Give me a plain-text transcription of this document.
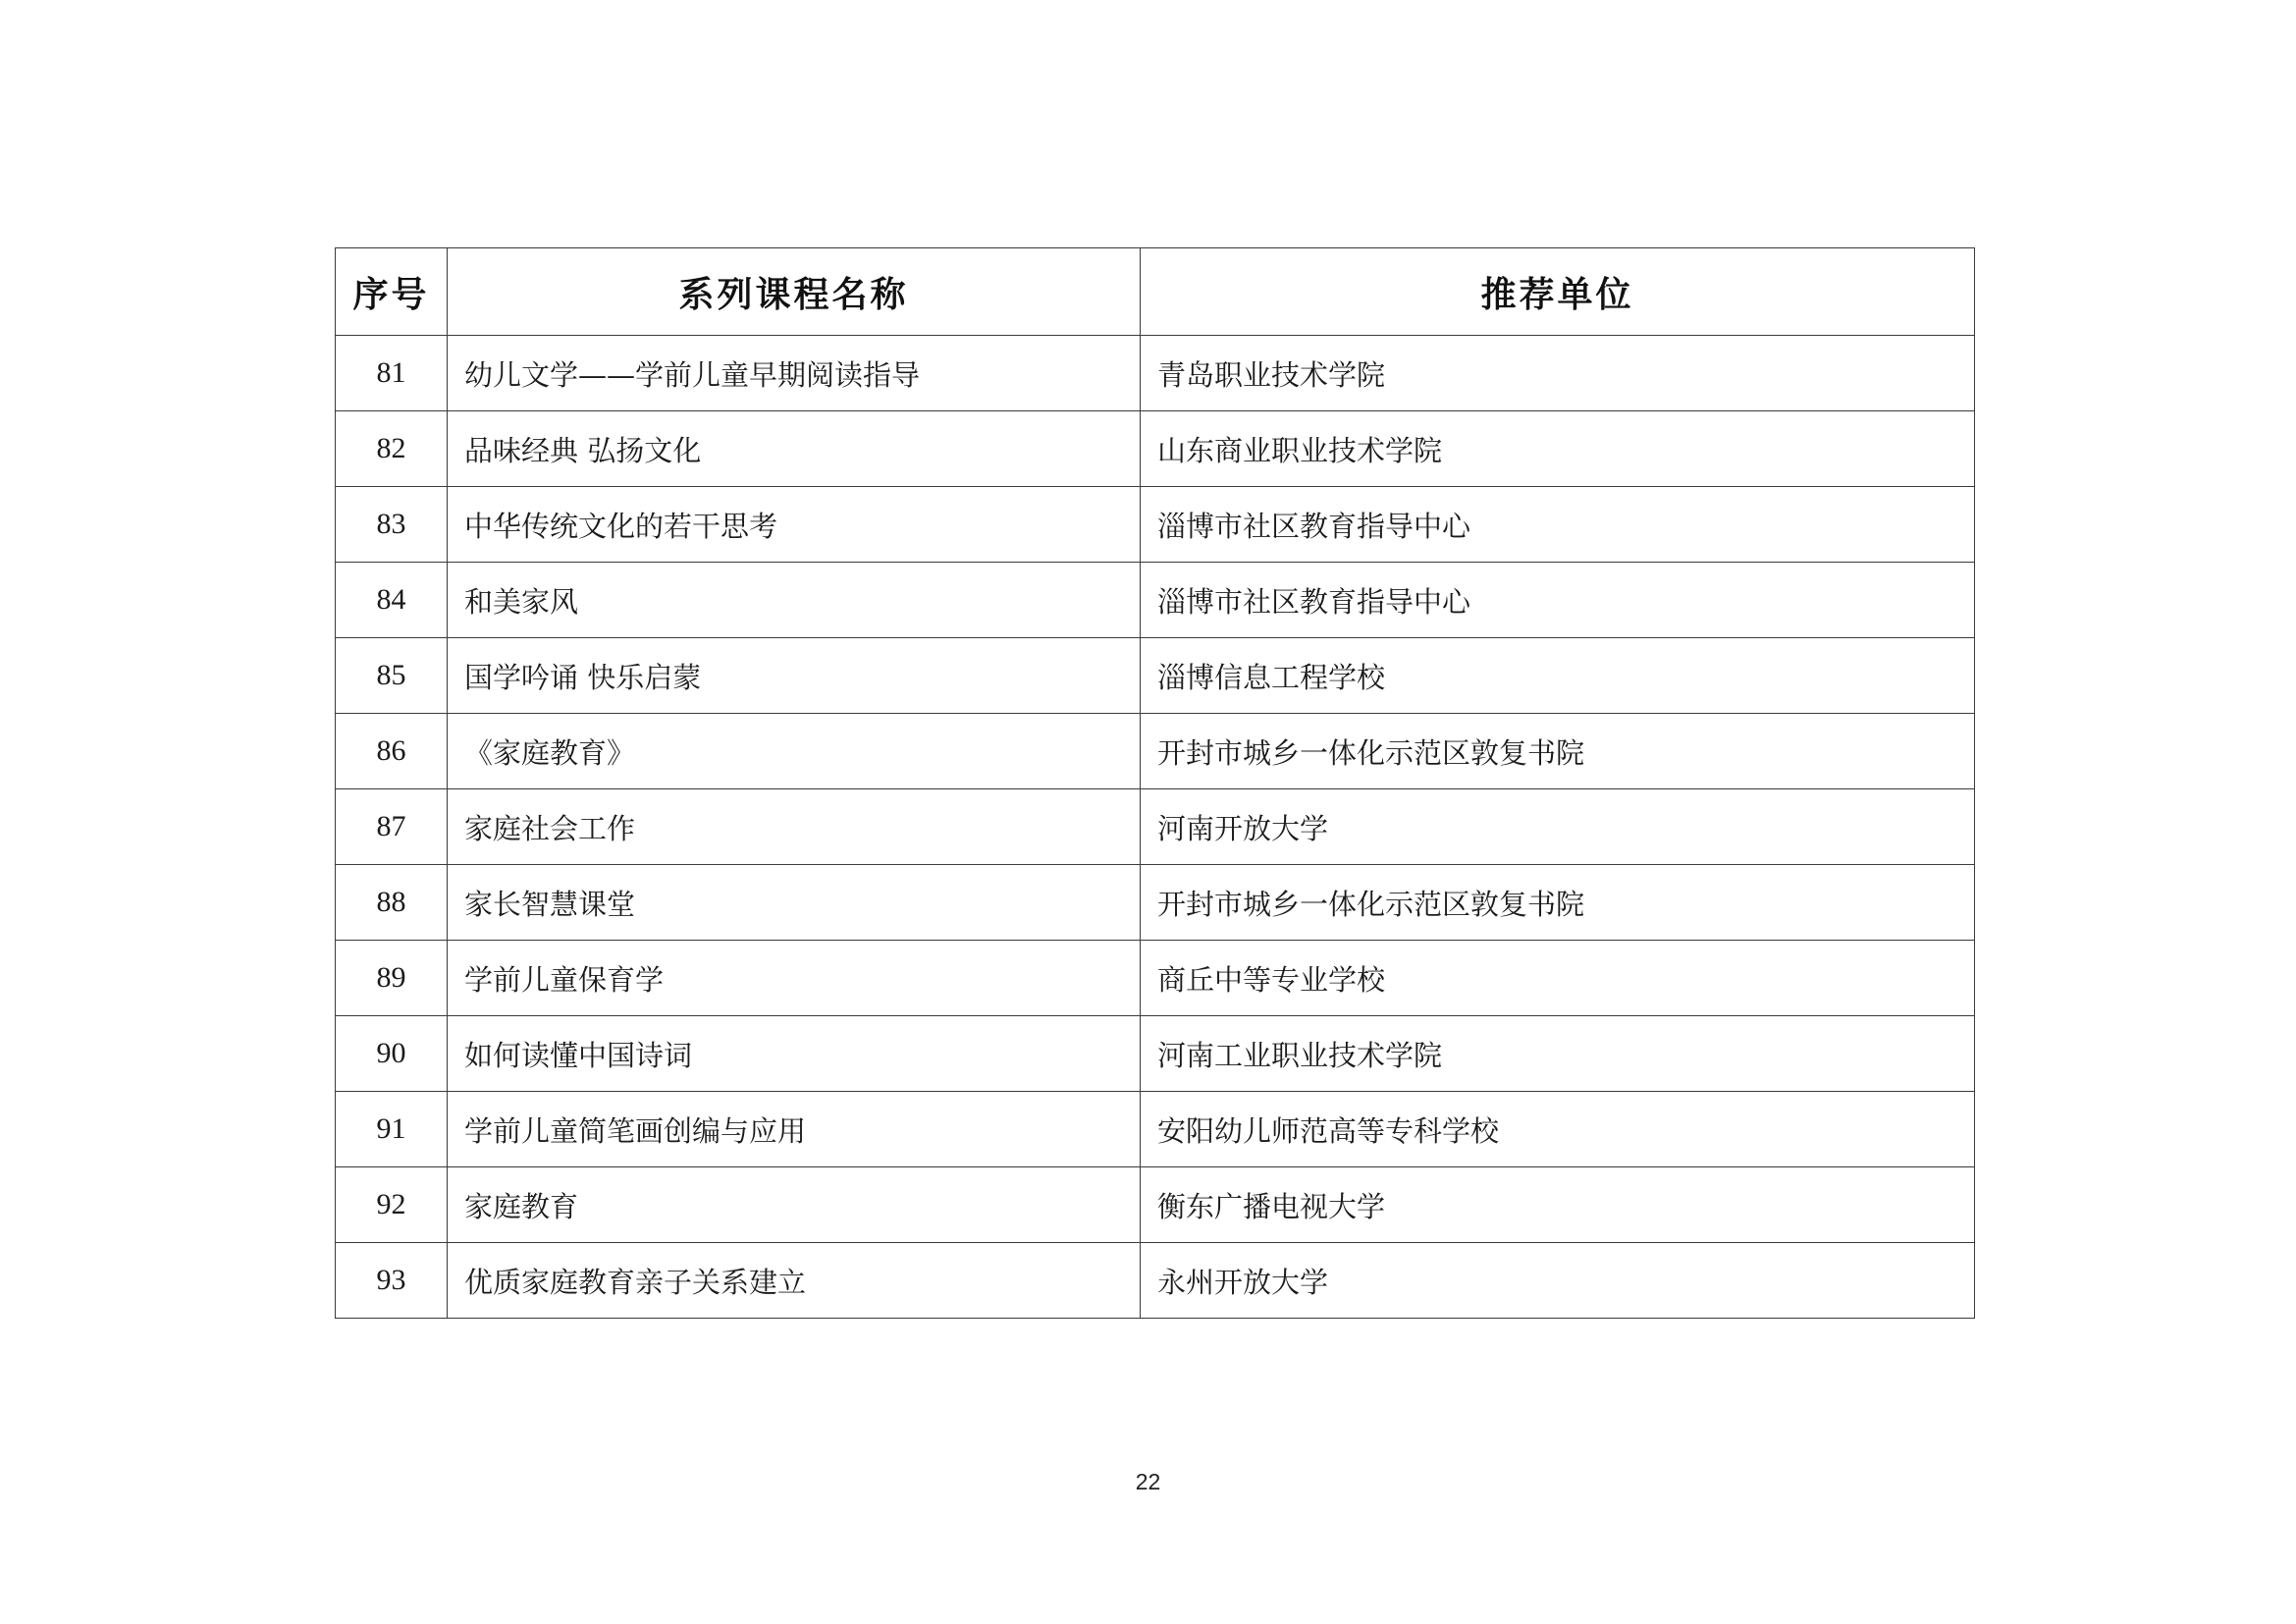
序号	系列课程名称	推荐单位
81	幼儿文学——学前儿童早期阅读指导	青岛职业技术学院
82	品味经典 弘扬文化	山东商业职业技术学院
83	中华传统文化的若干思考	淄博市社区教育指导中心
84	和美家风	淄博市社区教育指导中心
85	国学吟诵 快乐启蒙	淄博信息工程学校
86	《家庭教育》	开封市城乡一体化示范区敦复书院
87	家庭社会工作	河南开放大学
88	家长智慧课堂	开封市城乡一体化示范区敦复书院
89	学前儿童保育学	商丘中等专业学校
90	如何读懂中国诗词	河南工业职业技术学院
91	学前儿童简笔画创编与应用	安阳幼儿师范高等专科学校
92	家庭教育	衡东广播电视大学
93	优质家庭教育亲子关系建立	永州开放大学
22
